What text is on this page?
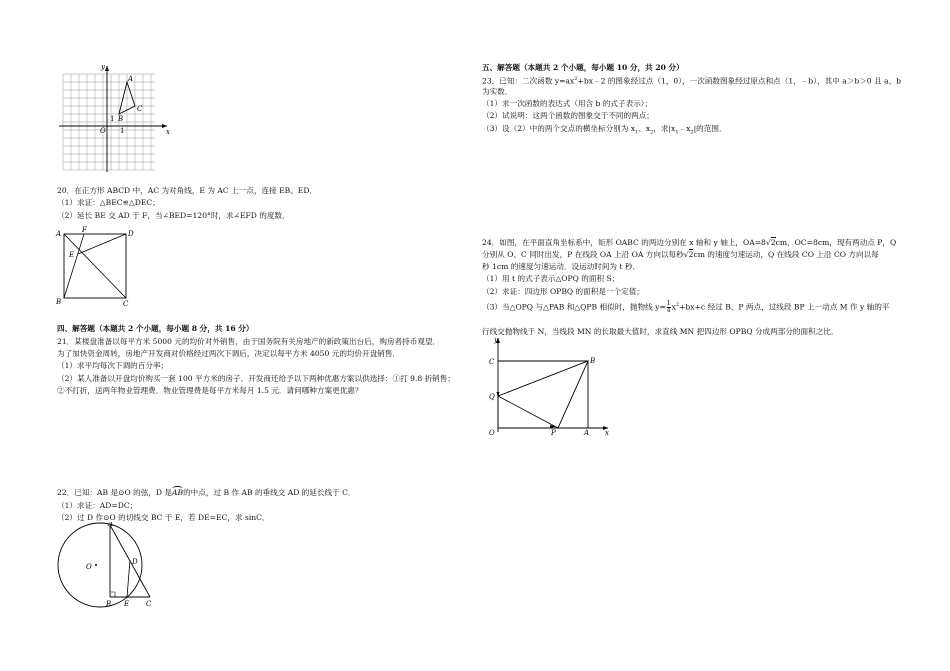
y
x
O
A
B
C
1
1
20．在正方形 ABCD 中，AC 为对角线，E 为 AC 上一点，连接 EB、ED．
（1）求证：△BEC≌△DEC；
（2）延长 BE 交 AD 于 F，当∠BED=120°时，求∠EFD 的度数．
A	F	D
E
B	C
四、解答题（本题共 2 个小题，每小题 8 分，共 16 分）
21．某楼盘准备以每平方米 5000 元的均价对外销售，由于国务院有关房地产的新政策出台后，购房者持币观望．
为了加快资金周转，房地产开发商对价格经过两次下调后，决定以每平方米 4050 元的均价开盘销售．
（1）求平均每次下调的百分率；
（2）某人准备以开盘均价购买一套 100 平方米的房子．开发商还给予以下两种优惠方案以供选择：①打 9.8 折销售；
②不打折，送两年物业管理费．物业管理费是每平方米每月 1.5 元．请问哪种方案更优惠？
22．已知：AB 是⊙O 的弦，D 是
AB的中点，过 B 作 AB 的垂线交 AD 的延长线于 C．
（1）求证：AD=DC；
（2）过 D 作⊙O 的切线交 BC 于 E，若 DE=EC，求 sinC．
A
O
D
B E C
五、解答题（本题共 2 个小题，每小题 10 分，共 20 分）
23．已知：二次函数 $y=ax^2+bx﹣2$ 的图象经过点（1，0），一次函数图象经过原点和点（1，﹣b），其中 a＞b＞0 且 a、b
为实数．
（1）求一次函数的表达式（用含 b 的式子表示）；
（2）试说明：这两个函数的图象交于不同的两点；
（3）设（2）中的两个交点的横坐标分别为 $x_1$、$x_2$，求$|x_1﹣x_2|$的范围．
24．如图，在平面直角坐标系中，矩形 OABC 的两边分别在 x 轴和 y 轴上，OA=8√2cm，OC=8cm，现有两动点 P，Q
分别从 O、C 同时出发，P 在线段 OA 上沿 OA 方向以每秒√2cm 的速度匀速运动，Q 在线段 CO 上沿 CO 方向以每
秒 1cm 的速度匀速运动．设运动时间为 t 秒．
（1）用 t 的式子表示△OPQ 的面积 S；
（2）求证：四边形 OPBQ 的面积是一个定值；
（3）当△OPQ 与△PAB 和△QPB 相似时，抛物线 $y= \frac{1}{4} x^2+bx+c$ 经过 B、P 两点，过线段 BP 上一动点 M 作 y 轴的平
行线交抛物线于 N，当线段 MN 的长取最大值时，求直线 MN 把四边形 OPBQ 分成两部分的面积之比．
y
x
C	B
Q
O	P	A
